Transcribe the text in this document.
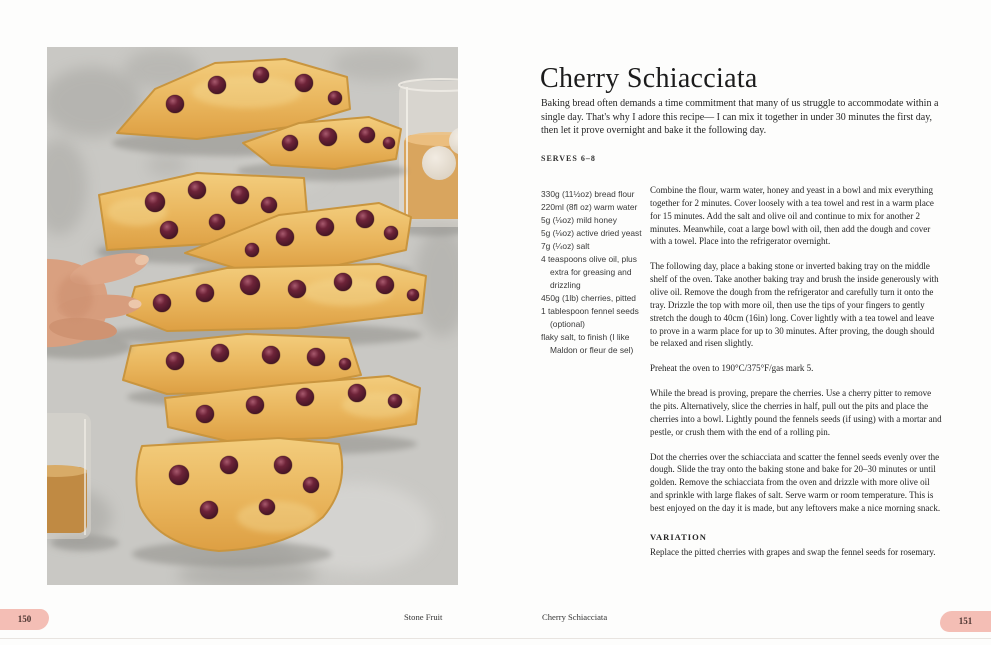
Cherry Schiacciata

Baking bread often demands a time commitment that many of us struggle to accommodate within a single day. That's why I adore this recipe— I can mix it together in under 30 minutes the first day, then let it prove overnight and bake it the following day.

SERVES 6–8
330g (11½oz) bread flour
220ml (8fl oz) warm water
5g (⅛oz) mild honey
5g (⅛oz) active dried yeast
7g (¼oz) salt
4 teaspoons olive oil, plus extra for greasing and drizzling
450g (1lb) cherries, pitted
1 tablespoon fennel seeds (optional)
flaky salt, to finish (I like Maldon or fleur de sel)

Combine the flour, warm water, honey and yeast in a bowl and mix everything together for 2 minutes. Cover loosely with a tea towel and rest in a warm place for 15 minutes. Add the salt and olive oil and continue to mix for another 2 minutes. Meanwhile, coat a large bowl with oil, then add the dough and cover with a towel. Place into the refrigerator overnight.

The following day, place a baking stone or inverted baking tray on the middle shelf of the oven. Take another baking tray and brush the inside generously with olive oil. Remove the dough from the refrigerator and carefully turn it onto the tray. Drizzle the top with more oil, then use the tips of your fingers to gently stretch the dough to 40cm (16in) long. Cover lightly with a tea towel and leave to prove in a warm place for up to 30 minutes. After proving, the dough should be relaxed and risen slightly.

Preheat the oven to 190°C/375°F/gas mark 5.

While the bread is proving, prepare the cherries. Use a cherry pitter to remove the pits. Alternatively, slice the cherries in half, pull out the pits and place the cherries into a bowl. Lightly pound the fennels seeds (if using) with a mortar and pestle, or crush them with the end of a rolling pin.

Dot the cherries over the schiacciata and scatter the fennel seeds evenly over the dough. Slide the tray onto the baking stone and bake for 20–30 minutes or until golden. Remove the schiacciata from the oven and drizzle with more olive oil and sprinkle with large flakes of salt. Serve warm or room temperature. This is best enjoyed on the day it is made, but any leftovers make a nice morning snack.

VARIATION

Replace the pitted cherries with grapes and swap the fennel seeds for rosemary.

Stone Fruit	Cherry Schiacciata
150	151
